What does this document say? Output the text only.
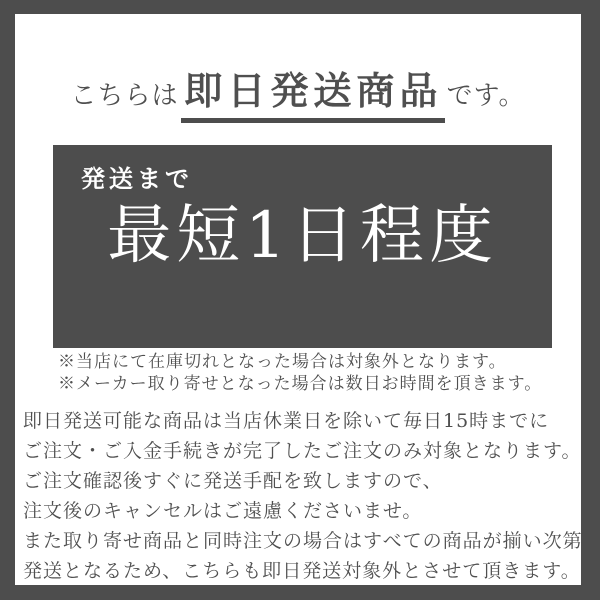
こちらは 即日発送商品 です。
発送まで
最短1日程度
※当店にて在庫切れとなった場合は対象外となります。
※メーカー取り寄せとなった場合は数日お時間を頂きます。
即日発送可能な商品は当店休業日を除いて毎日15時までに
ご注文・ご入金手続きが完了したご注文のみ対象となります。
ご注文確認後すぐに発送手配を致しますので、
注文後のキャンセルはご遠慮くださいませ。
また取り寄せ商品と同時注文の場合はすべての商品が揃い次第
発送となるため、こちらも即日発送対象外とさせて頂きます。
